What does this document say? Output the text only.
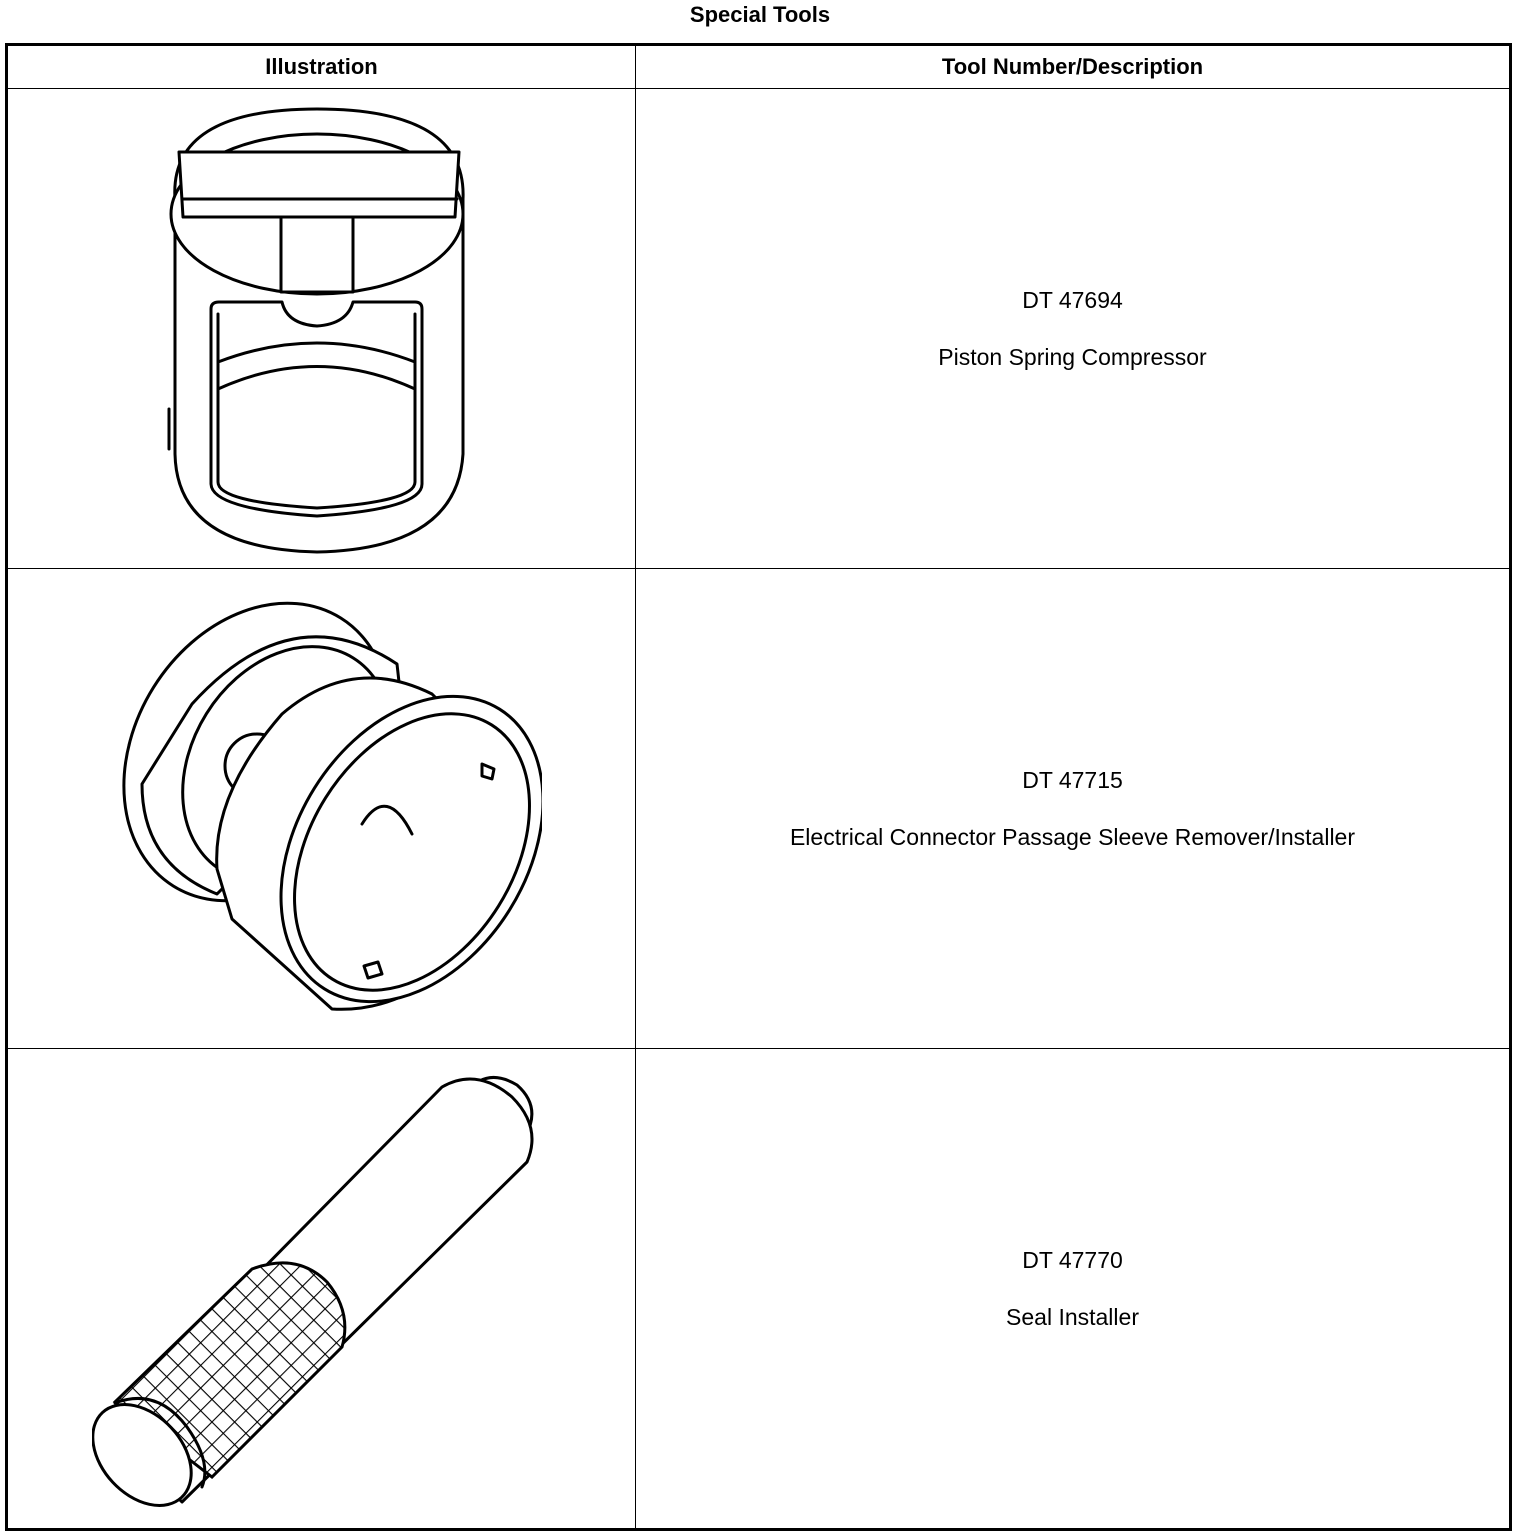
Special Tools
Illustration	Tool Number/Description

DT 47694
Piston Spring Compressor

DT 47715
Electrical Connector Passage Sleeve Remover/Installer

DT 47770
Seal Installer
